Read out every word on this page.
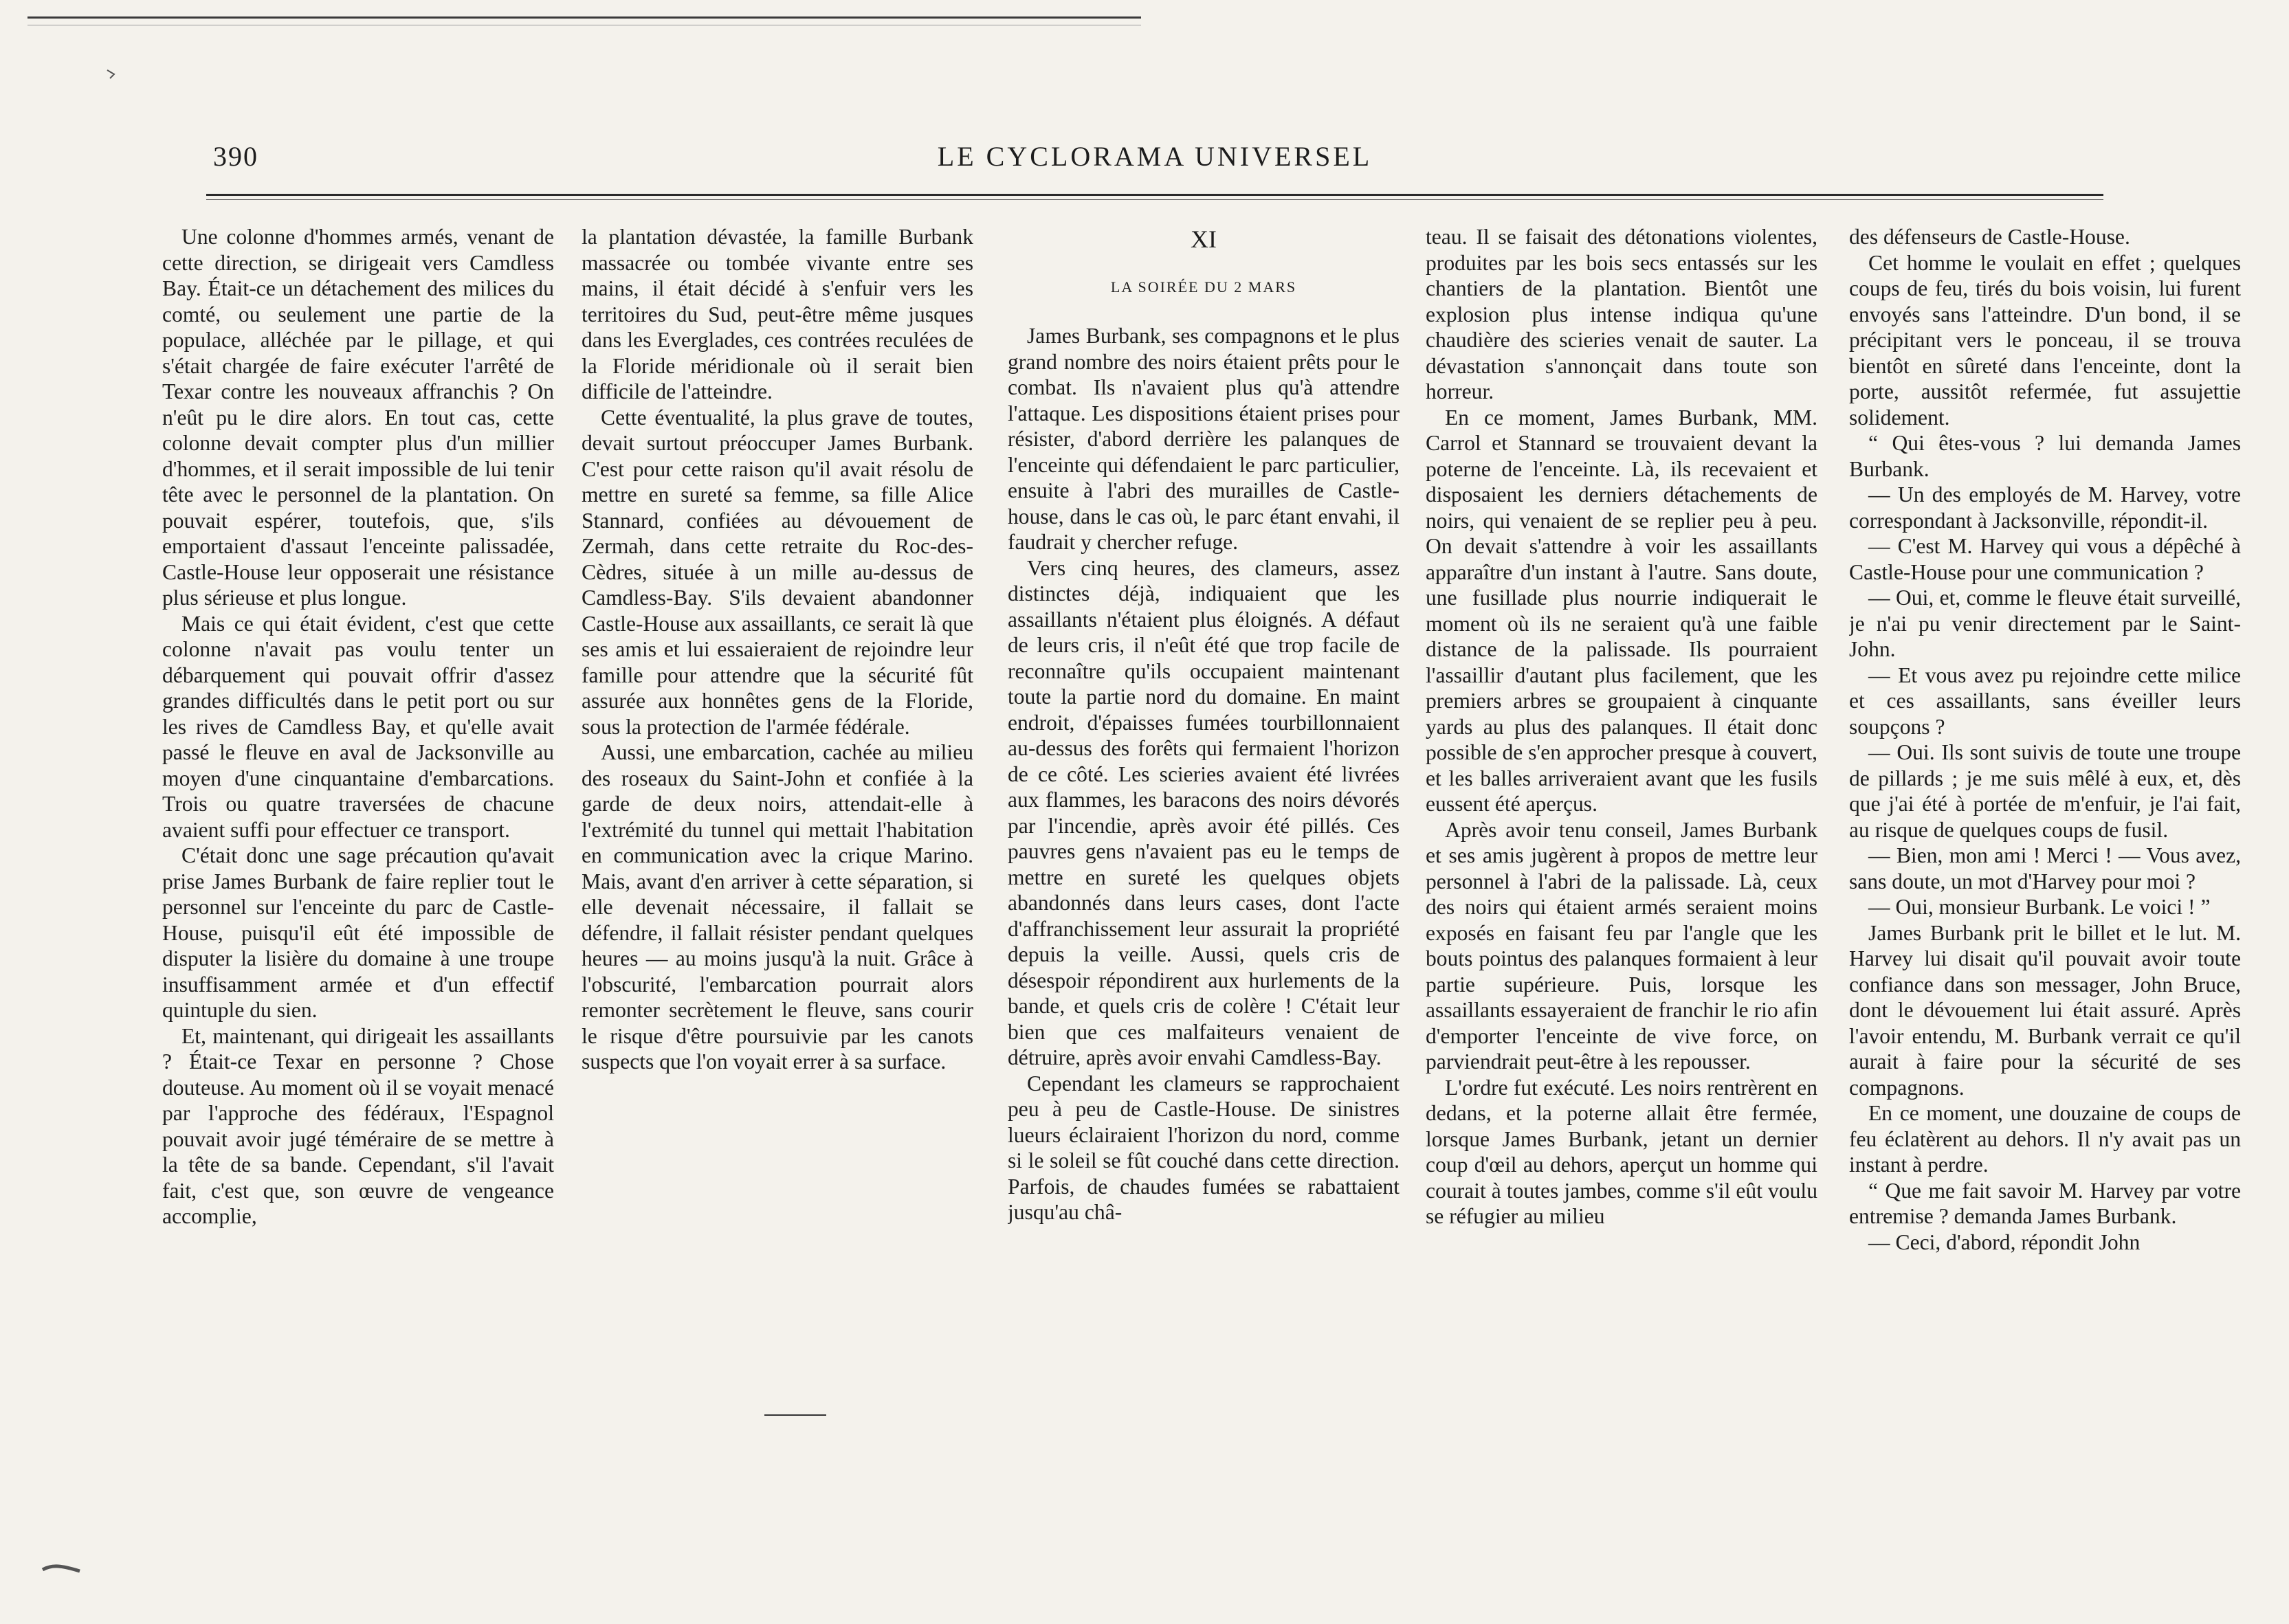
390	LE CYCLORAMA UNIVERSEL

Une colonne d'hommes armés, venant de cette direction, se dirigeait vers Camdless Bay. Était-ce un détachement des milices du comté, ou seulement une partie de la populace, alléchée par le pillage, et qui s'était chargée de faire exécuter l'arrêté de Texar contre les nouveaux affranchis ? On n'eût pu le dire alors. En tout cas, cette colonne devait compter plus d'un millier d'hommes, et il serait impossible de lui tenir tête avec le personnel de la plantation. On pouvait espérer, toutefois, que, s'ils emportaient d'assaut l'enceinte palissadée, Castle-House leur opposerait une résistance plus sérieuse et plus longue.

Mais ce qui était évident, c'est que cette colonne n'avait pas voulu tenter un débarquement qui pouvait offrir d'assez grandes difficultés dans le petit port ou sur les rives de Camdless Bay, et qu'elle avait passé le fleuve en aval de Jacksonville au moyen d'une cinquantaine d'embarcations. Trois ou quatre traversées de chacune avaient suffi pour effectuer ce transport.

C'était donc une sage précaution qu'avait prise James Burbank de faire replier tout le personnel sur l'enceinte du parc de Castle-House, puisqu'il eût été impossible de disputer la lisière du domaine à une troupe insuffisamment armée et d'un effectif quintuple du sien.

Et, maintenant, qui dirigeait les assaillants ? Était-ce Texar en personne ? Chose douteuse. Au moment où il se voyait menacé par l'approche des fédéraux, l'Espagnol pouvait avoir jugé téméraire de se mettre à la tête de sa bande. Cependant, s'il l'avait fait, c'est que, son œuvre de vengeance accomplie,

la plantation dévastée, la famille Burbank massacrée ou tombée vivante entre ses mains, il était décidé à s'enfuir vers les territoires du Sud, peut-être même jusques dans les Everglades, ces contrées reculées de la Floride méridionale où il serait bien difficile de l'atteindre.

Cette éventualité, la plus grave de toutes, devait surtout préoccuper James Burbank. C'est pour cette raison qu'il avait résolu de mettre en sureté sa femme, sa fille Alice Stannard, confiées au dévouement de Zermah, dans cette retraite du Roc-des-Cèdres, située à un mille au-dessus de Camdless-Bay. S'ils devaient abandonner Castle-House aux assaillants, ce serait là que ses amis et lui essaieraient de rejoindre leur famille pour attendre que la sécurité fût assurée aux honnêtes gens de la Floride, sous la protection de l'armée fédérale.

Aussi, une embarcation, cachée au milieu des roseaux du Saint-John et confiée à la garde de deux noirs, attendait-elle à l'extrémité du tunnel qui mettait l'habitation en communication avec la crique Marino. Mais, avant d'en arriver à cette séparation, si elle devenait nécessaire, il fallait se défendre, il fallait résister pendant quelques heures — au moins jusqu'à la nuit. Grâce à l'obscurité, l'embarcation pourrait alors remonter secrètement le fleuve, sans courir le risque d'être poursuivie par les canots suspects que l'on voyait errer à sa surface.

XI
LA SOIRÉE DU 2 MARS

James Burbank, ses compagnons et le plus grand nombre des noirs étaient prêts pour le combat. Ils n'avaient plus qu'à attendre l'attaque. Les dispositions étaient prises pour résister, d'abord derrière les palanques de l'enceinte qui défendaient le parc particulier, ensuite à l'abri des murailles de Castle-house, dans le cas où, le parc étant envahi, il faudrait y chercher refuge.

Vers cinq heures, des clameurs, assez distinctes déjà, indiquaient que les assaillants n'étaient plus éloignés. A défaut de leurs cris, il n'eût été que trop facile de reconnaître qu'ils occupaient maintenant toute la partie nord du domaine. En maint endroit, d'épaisses fumées tourbillonnaient au-dessus des forêts qui fermaient l'horizon de ce côté. Les scieries avaient été livrées aux flammes, les baracons des noirs dévorés par l'incendie, après avoir été pillés. Ces pauvres gens n'avaient pas eu le temps de mettre en sureté les quelques objets abandonnés dans leurs cases, dont l'acte d'affranchissement leur assurait la propriété depuis la veille. Aussi, quels cris de désespoir répondirent aux hurlements de la bande, et quels cris de colère ! C'était leur bien que ces malfaiteurs venaient de détruire, après avoir envahi Camdless-Bay.

Cependant les clameurs se rapprochaient peu à peu de Castle-House. De sinistres lueurs éclairaient l'horizon du nord, comme si le soleil se fût couché dans cette direction. Parfois, de chaudes fumées se rabattaient jusqu'au châ-

teau. Il se faisait des détonations violentes, produites par les bois secs entassés sur les chantiers de la plantation. Bientôt une explosion plus intense indiqua qu'une chaudière des scieries venait de sauter. La dévastation s'annonçait dans toute son horreur.

En ce moment, James Burbank, MM. Carrol et Stannard se trouvaient devant la poterne de l'enceinte. Là, ils recevaient et disposaient les derniers détachements de noirs, qui venaient de se replier peu à peu. On devait s'attendre à voir les assaillants apparaître d'un instant à l'autre. Sans doute, une fusillade plus nourrie indiquerait le moment où ils ne seraient qu'à une faible distance de la palissade. Ils pourraient l'assaillir d'autant plus facilement, que les premiers arbres se groupaient à cinquante yards au plus des palanques. Il était donc possible de s'en approcher presque à couvert, et les balles arriveraient avant que les fusils eussent été aperçus.

Après avoir tenu conseil, James Burbank et ses amis jugèrent à propos de mettre leur personnel à l'abri de la palissade. Là, ceux des noirs qui étaient armés seraient moins exposés en faisant feu par l'angle que les bouts pointus des palanques formaient à leur partie supérieure. Puis, lorsque les assaillants essayeraient de franchir le rio afin d'emporter l'enceinte de vive force, on parviendrait peut-être à les repousser.

L'ordre fut exécuté. Les noirs rentrèrent en dedans, et la poterne allait être fermée, lorsque James Burbank, jetant un dernier coup d'œil au dehors, aperçut un homme qui courait à toutes jambes, comme s'il eût voulu se réfugier au milieu

des défenseurs de Castle-House.

Cet homme le voulait en effet ; quelques coups de feu, tirés du bois voisin, lui furent envoyés sans l'atteindre. D'un bond, il se précipitant vers le ponceau, il se trouva bientôt en sûreté dans l'enceinte, dont la porte, aussitôt refermée, fut assujettie solidement.

“ Qui êtes-vous ? lui demanda James Burbank.

— Un des employés de M. Harvey, votre correspondant à Jacksonville, répondit-il.

— C'est M. Harvey qui vous a dépêché à Castle-House pour une communication ?

— Oui, et, comme le fleuve était surveillé, je n'ai pu venir directement par le Saint-John.

— Et vous avez pu rejoindre cette milice et ces assaillants, sans éveiller leurs soupçons ?

— Oui. Ils sont suivis de toute une troupe de pillards ; je me suis mêlé à eux, et, dès que j'ai été à portée de m'enfuir, je l'ai fait, au risque de quelques coups de fusil.

— Bien, mon ami ! Merci ! — Vous avez, sans doute, un mot d'Harvey pour moi ?

— Oui, monsieur Burbank. Le voici ! ”

James Burbank prit le billet et le lut. M. Harvey lui disait qu'il pouvait avoir toute confiance dans son messager, John Bruce, dont le dévouement lui était assuré. Après l'avoir entendu, M. Burbank verrait ce qu'il aurait à faire pour la sécurité de ses compagnons.

En ce moment, une douzaine de coups de feu éclatèrent au dehors. Il n'y avait pas un instant à perdre.

“ Que me fait savoir M. Harvey par votre entremise ? demanda James Burbank.

— Ceci, d'abord, répondit John
